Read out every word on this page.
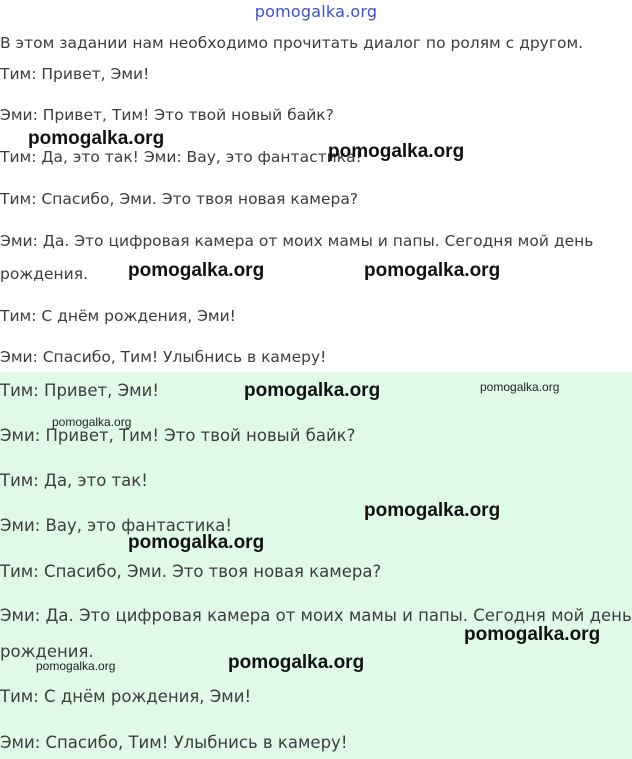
pomogalka.org
В этом задании нам необходимо прочитать диалог по ролям с другом.
Тим: Привет, Эми!
Эми: Привет, Тим! Это твой новый байк?
Тим: Да, это так! Эми: Вау, это фантастика!
Тим: Спасибо, Эми. Это твоя новая камера?
Эми: Да. Это цифровая камера от моих мамы и папы. Сегодня мой день
рождения.
Тим: С днём рождения, Эми!
Эми: Спасибо, Тим! Улыбнись в камеру!
Тим: Привет, Эми!
Эми: Привет, Тим! Это твой новый байк?
Тим: Да, это так!
Эми: Вау, это фантастика!
Тим: Спасибо, Эми. Это твоя новая камера?
Эми: Да. Это цифровая камера от моих мамы и папы. Сегодня мой день
рождения.
Тим: С днём рождения, Эми!
Эми: Спасибо, Тим! Улыбнись в камеру!
pomogalka.org
pomogalka.org
pomogalka.org	pomogalka.org
pomogalka.org	pomogalka.org
pomogalka.org
pomogalka.org
pomogalka.org
pomogalka.org
pomogalka.org
pomogalka.org
